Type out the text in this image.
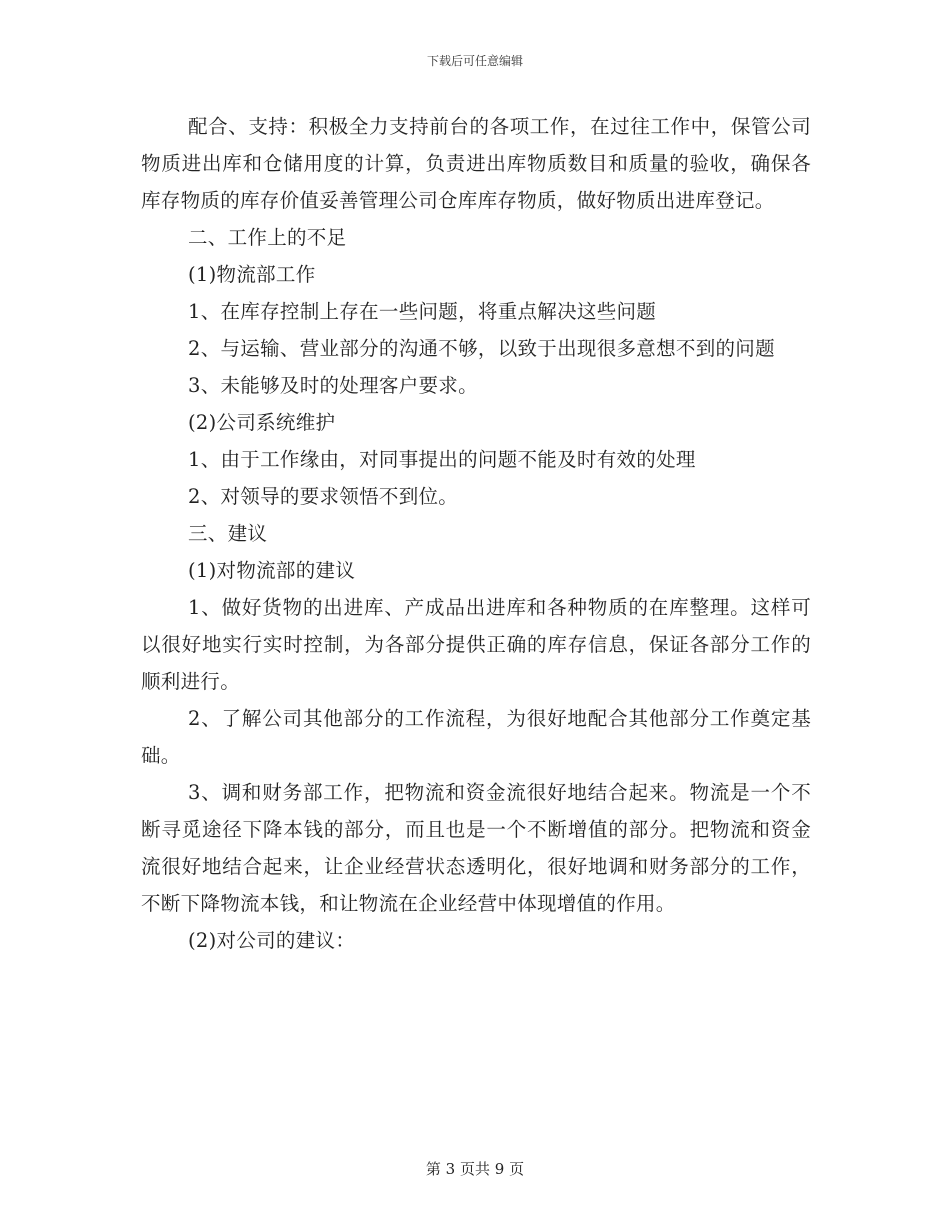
下载后可任意编辑

配合、支持：积极全力支持前台的各项工作，在过往工作中，保管公司物质进出库和仓储用度的计算，负责进出库物质数目和质量的验收，确保各库存物质的库存价值妥善管理公司仓库库存物质，做好物质出进库登记。

二、工作上的不足

(1)物流部工作

1、在库存控制上存在一些问题，将重点解决这些问题

2、与运输、营业部分的沟通不够，以致于出现很多意想不到的问题

3、未能够及时的处理客户要求。

(2)公司系统维护

1、由于工作缘由，对同事提出的问题不能及时有效的处理

2、对领导的要求领悟不到位。

三、建议

(1)对物流部的建议

1、做好货物的出进库、产成品出进库和各种物质的在库整理。这样可以很好地实行实时控制，为各部分提供正确的库存信息，保证各部分工作的顺利进行。

2、了解公司其他部分的工作流程，为很好地配合其他部分工作奠定基础。

3、调和财务部工作，把物流和资金流很好地结合起来。物流是一个不断寻觅途径下降本钱的部分，而且也是一个不断增值的部分。把物流和资金流很好地结合起来，让企业经营状态透明化，很好地调和财务部分的工作，不断下降物流本钱，和让物流在企业经营中体现增值的作用。

(2)对公司的建议：

第 3 页共 9 页
